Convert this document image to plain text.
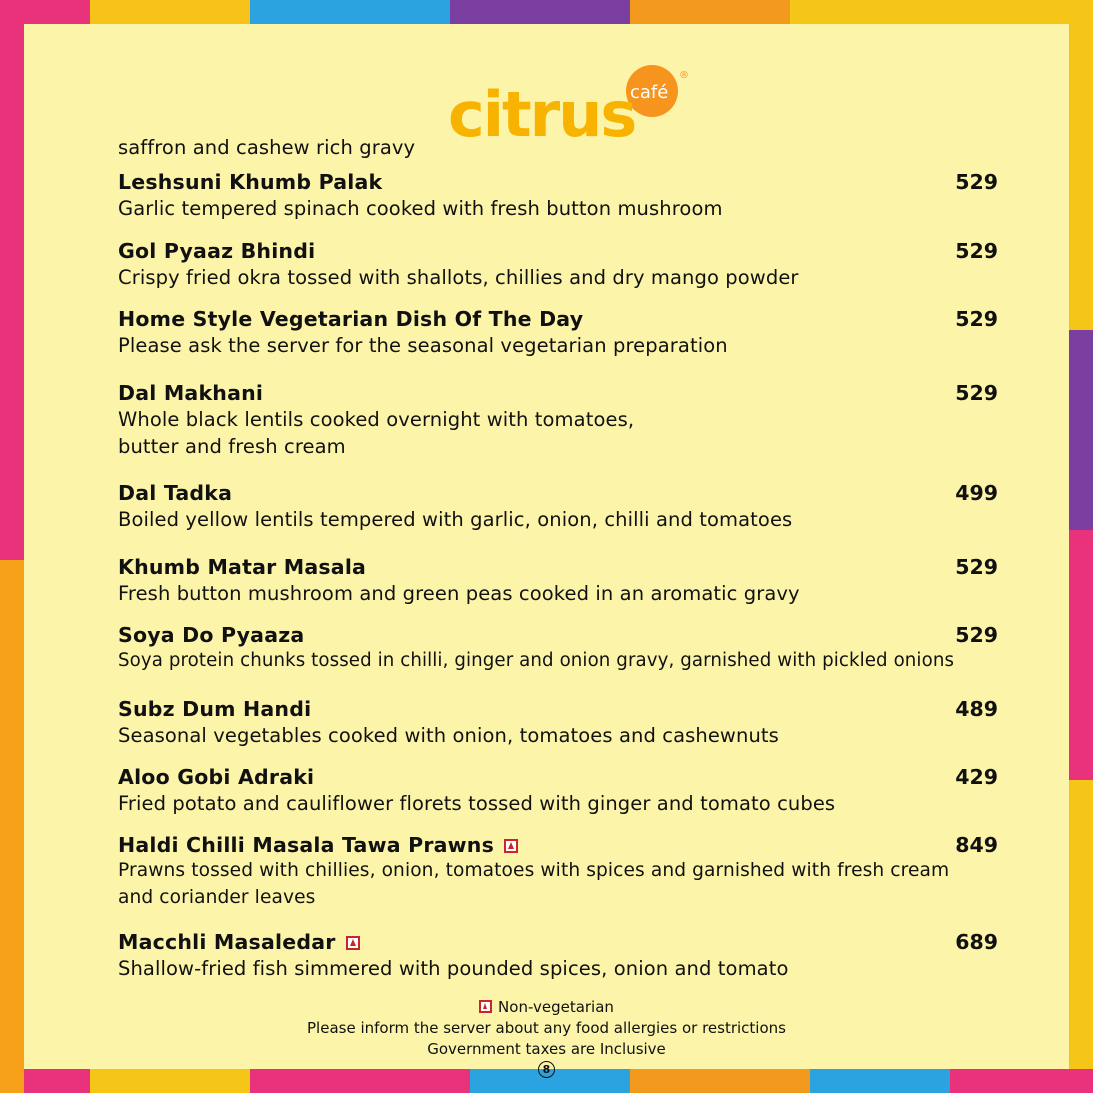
café
®
citrus
saffron and cashew rich gravy
Leshsuni Khumb Palak	529
Garlic tempered spinach cooked with fresh button mushroom
Gol Pyaaz Bhindi	529
Crispy fried okra tossed with shallots, chillies and dry mango powder
Home Style Vegetarian Dish Of The Day	529
Please ask the server for the seasonal vegetarian preparation
Dal Makhani	529
Whole black lentils cooked overnight with tomatoes,
butter and fresh cream
Dal Tadka	499
Boiled yellow lentils tempered with garlic, onion, chilli and tomatoes
Khumb Matar Masala	529
Fresh button mushroom and green peas cooked in an aromatic gravy
Soya Do Pyaaza	529
Soya protein chunks tossed in chilli, ginger and onion gravy, garnished with pickled onions
Subz Dum Handi	489
Seasonal vegetables cooked with onion, tomatoes and cashewnuts
Aloo Gobi Adraki	429
Fried potato and cauliflower florets tossed with ginger and tomato cubes
Haldi Chilli Masala Tawa Prawns	849
Prawns tossed with chillies, onion, tomatoes with spices and garnished with fresh cream
and coriander leaves
Macchli Masaledar	689
Shallow-fried fish simmered with pounded spices, onion and tomato
Non-vegetarian
Please inform the server about any food allergies or restrictions
Government taxes are Inclusive
8
